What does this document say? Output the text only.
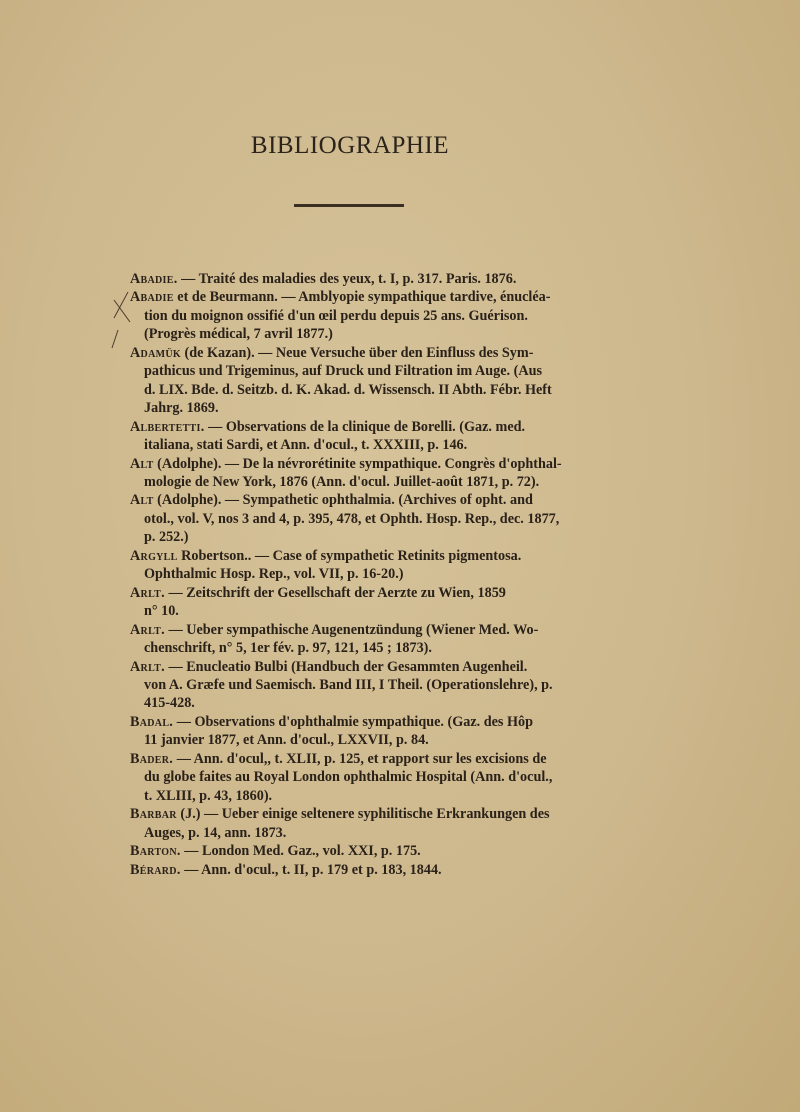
BIBLIOGRAPHIE
Abadie. — Traité des maladies des yeux, t. I, p. 317. Paris. 1876.
Abadie et de Beurmann. — Amblyopie sympathique tardive, énucléa-
tion du moignon ossifié d'un œil perdu depuis 25 ans. Guérison.
(Progrès médical, 7 avril 1877.)
Adamük (de Kazan). — Neue Versuche über den Einfluss des Sym-
pathicus und Trigeminus, auf Druck und Filtration im Auge. (Aus
d. LIX. Bde. d. Seitzb. d. K. Akad. d. Wissensch. II Abth. Fébr. Heft
Jahrg. 1869.
Albertetti. — Observations de la clinique de Borelli. (Gaz. med.
italiana, stati Sardi, et Ann. d'ocul., t. XXXIII, p. 146.
Alt (Adolphe). — De la névrorétinite sympathique. Congrès d'ophthal-
mologie de New York, 1876 (Ann. d'ocul. Juillet-août 1871, p. 72).
Alt (Adolphe). — Sympathetic ophthalmia. (Archives of opht. and
otol., vol. V, nos 3 and 4, p. 395, 478, et Ophth. Hosp. Rep., dec. 1877,
p. 252.)
Argyll Robertson.. — Case of sympathetic Retinits pigmentosa.
Ophthalmic Hosp. Rep., vol. VII, p. 16-20.)
Arlt. — Zeitschrift der Gesellschaft der Aerzte zu Wien, 1859
n° 10.
Arlt. — Ueber sympathische Augenentzündung (Wiener Med. Wo-
chenschrift, n° 5, 1er fév. p. 97, 121, 145 ; 1873).
Arlt. — Enucleatio Bulbi (Handbuch der Gesammten Augenheil.
von A. Græfe und Saemisch. Band III, I Theil. (Operationslehre), p.
415-428.
Badal. — Observations d'ophthalmie sympathique. (Gaz. des Hôp
11 janvier 1877, et Ann. d'ocul., LXXVII, p. 84.
Bader. — Ann. d'ocul,, t. XLII, p. 125, et rapport sur les excisions de
du globe faites au Royal London ophthalmic Hospital (Ann. d'ocul.,
t. XLIII, p. 43, 1860).
Barbar (J.) — Ueber einige seltenere syphilitische Erkrankungen des
Auges, p. 14, ann. 1873.
Barton. — London Med. Gaz., vol. XXI, p. 175.
Bérard. — Ann. d'ocul., t. II, p. 179 et p. 183, 1844.
